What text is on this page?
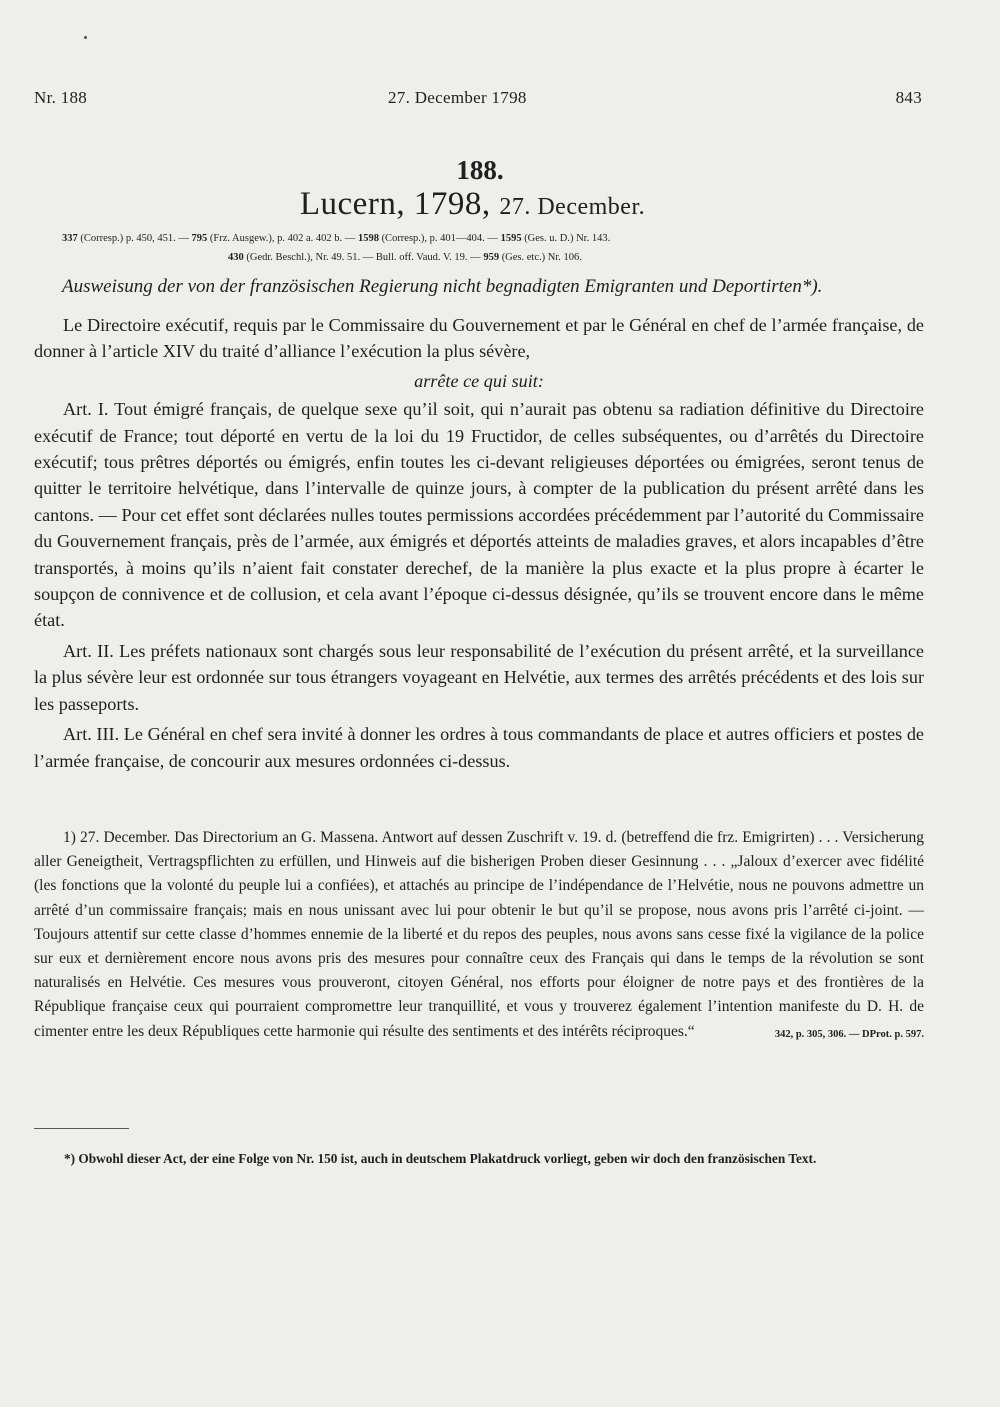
Nr. 188	27. December 1798	843
188.
Lucern, 1798, 27. December.
337 (Corresp.) p. 450, 451. — 795 (Frz. Ausgew.), p. 402 a. 402 b. — 1598 (Corresp.), p. 401—404. — 1595 (Ges. u. D.) Nr. 143.
430 (Gedr. Beschl.), Nr. 49. 51. — Bull. off. Vaud. V. 19. — 959 (Ges. etc.) Nr. 106.
Ausweisung der von der französischen Regierung nicht begnadigten Emigranten und Deportirten*).

Le Directoire exécutif, requis par le Commissaire du Gouvernement et par le Général en chef de l’armée française, de donner à l’article XIV du traité d’alliance l’exécution la plus sévère,

arrête ce qui suit:

Art. I. Tout émigré français, de quelque sexe qu’il soit, qui n’aurait pas obtenu sa radiation définitive du Directoire exécutif de France; tout déporté en vertu de la loi du 19 Fructidor, de celles subséquentes, ou d’arrêtés du Directoire exécutif; tous prêtres déportés ou émigrés, enfin toutes les ci-devant religieuses déportées ou émigrées, seront tenus de quitter le territoire helvétique, dans l’intervalle de quinze jours, à compter de la publication du présent arrêté dans les cantons. — Pour cet effet sont déclarées nulles toutes permissions accordées précédemment par l’autorité du Commissaire du Gouvernement français, près de l’armée, aux émigrés et déportés atteints de maladies graves, et alors incapables d’être transportés, à moins qu’ils n’aient fait constater derechef, de la manière la plus exacte et la plus propre à écarter le soupçon de connivence et de collusion, et cela avant l’époque ci-dessus désignée, qu’ils se trouvent encore dans le même état.

Art. II. Les préfets nationaux sont chargés sous leur responsabilité de l’exécution du présent arrêté, et la surveillance la plus sévère leur est ordonnée sur tous étrangers voyageant en Helvétie, aux termes des arrêtés précédents et des lois sur les passeports.

Art. III. Le Général en chef sera invité à donner les ordres à tous commandants de place et autres officiers et postes de l’armée française, de concourir aux mesures ordonnées ci-dessus.

1) 27. December. Das Directorium an G. Massena. Antwort auf dessen Zuschrift v. 19. d. (betreffend die frz. Emigrirten) . . . Versicherung aller Geneigtheit, Vertragspflichten zu erfüllen, und Hinweis auf die bisherigen Proben dieser Gesinnung . . . „Jaloux d’exercer avec fidélité (les fonctions que la volonté du peuple lui a confiées), et attachés au principe de l’indépendance de l’Helvétie, nous ne pouvons admettre un arrêté d’un commissaire français; mais en nous unissant avec lui pour obtenir le but qu’il se propose, nous avons pris l’arrêté ci-joint. — Toujours attentif sur cette classe d’hommes ennemie de la liberté et du repos des peuples, nous avons sans cesse fixé la vigilance de la police sur eux et dernièrement encore nous avons pris des mesures pour connaître ceux des Français qui dans le temps de la révolution se sont naturalisés en Helvétie. Ces mesures vous prouveront, citoyen Général, nos efforts pour éloigner de notre pays et des frontières de la République française ceux qui pourraient compromettre leur tranquillité, et vous y trouverez également l’intention manifeste du D. H. de cimenter entre les deux Républiques cette harmonie qui résulte des sentiments et des intérêts réciproques.“	342, p. 305, 306. — DProt. p. 597.

*) Obwohl dieser Act, der eine Folge von Nr. 150 ist, auch in deutschem Plakatdruck vorliegt, geben wir doch den französischen Text.
